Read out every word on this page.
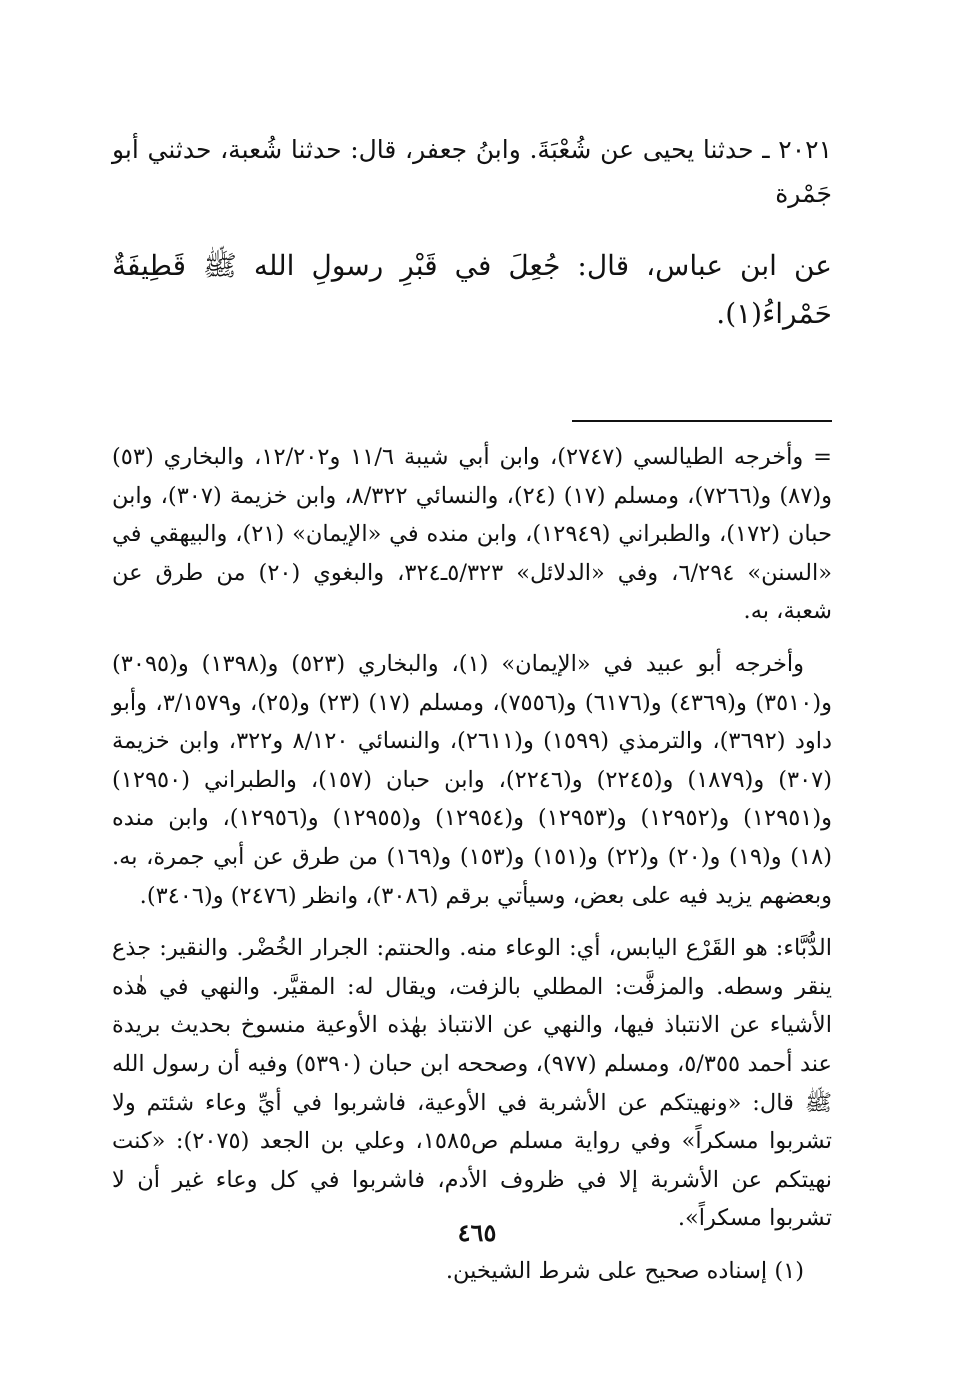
٢٠٢١ ـ حدثنا يحيى عن شُعْبَةَ. وابنُ جعفر، قال: حدثنا شُعبة، حدثني أبو جَمْرة

عن ابن عباس، قال: جُعِلَ في قَبْرِ رسولِ الله ﷺ قَطِيفَةٌ حَمْراءُ(١).

= وأخرجه الطيالسي (٢٧٤٧)، وابن أبي شيبة ١١/٦ و١٢/٢٠٢، والبخاري (٥٣) و(٨٧) و(٧٢٦٦)، ومسلم (١٧) (٢٤)، والنسائي ٨/٣٢٢، وابن خزيمة (٣٠٧)، وابن حبان (١٧٢)، والطبراني (١٢٩٤٩)، وابن منده في «الإيمان» (٢١)، والبيهقي في «السنن» ٦/٢٩٤، وفي «الدلائل» ٥/٣٢٣ـ٣٢٤، والبغوي (٢٠) من طرق عن شعبة، به.

وأخرجه أبو عبيد في «الإيمان» (١)، والبخاري (٥٢٣) و(١٣٩٨) و(٣٠٩٥) و(٣٥١٠) و(٤٣٦٩) و(٦١٧٦) و(٧٥٥٦)، ومسلم (١٧) (٢٣) و(٢٥)، و٣/١٥٧٩، وأبو داود (٣٦٩٢)، والترمذي (١٥٩٩) و(٢٦١١)، والنسائي ٨/١٢٠ و٣٢٢، وابن خزيمة (٣٠٧) و(١٨٧٩) و(٢٢٤٥) و(٢٢٤٦)، وابن حبان (١٥٧)، والطبراني (١٢٩٥٠) و(١٢٩٥١) و(١٢٩٥٢) و(١٢٩٥٣) و(١٢٩٥٤) و(١٢٩٥٥) و(١٢٩٥٦)، وابن منده (١٨) و(١٩) و(٢٠) و(٢٢) و(١٥١) و(١٥٣) و(١٦٩) من طرق عن أبي جمرة، به. وبعضهم يزيد فيه على بعض، وسيأتي برقم (٣٠٨٦)، وانظر (٢٤٧٦) و(٣٤٠٦).

الدُّبَّاء: هو القَرْع اليابس، أي: الوعاء منه. والحنتم: الجرار الخُضْر. والنقير: جذع ينقر وسطه. والمزفَّت: المطلي بالزفت، ويقال له: المقيَّر. والنهي في هٰذه الأشياء عن الانتباذ فيها، والنهي عن الانتباذ بهٰذه الأوعية منسوخ بحديث بريدة عند أحمد ٥/٣٥٥، ومسلم (٩٧٧)، وصححه ابن حبان (٥٣٩٠) وفيه أن رسول الله ﷺ قال: «ونهيتكم عن الأشربة في الأوعية، فاشربوا في أيِّ وعاء شئتم ولا تشربوا مسكراً» وفي رواية مسلم ص١٥٨٥، وعلي بن الجعد (٢٠٧٥): «كنت نهيتكم عن الأشربة إلا في ظروف الأدم، فاشربوا في كل وعاء غير أن لا تشربوا مسكراً».

(١) إسناده صحيح على شرط الشيخين.

٤٦٥
